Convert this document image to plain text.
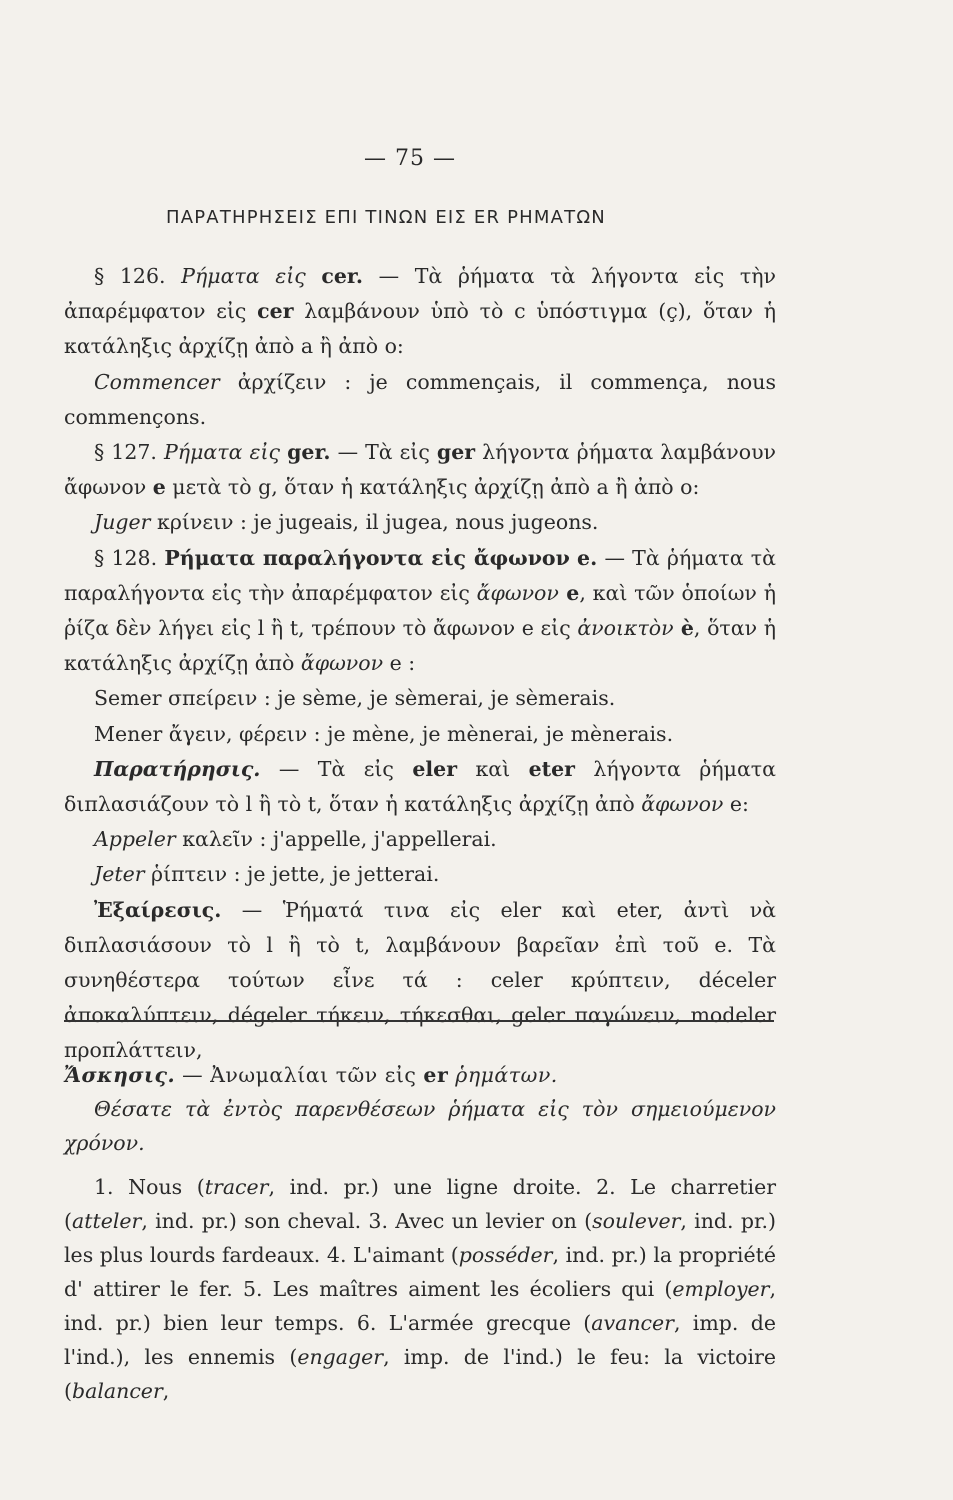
— 75 —
ΠΑΡΑΤΗΡΗΣΕΙΣ ΕΠΙ ΤΙΝΩΝ ΕΙΣ ER ΡΗΜΑΤΩΝ

§ 126. Ρήματα εἰς cer. — Τὰ ῥήματα τὰ λήγοντα εἰς τὴν ἀπαρέμφατον εἰς cer λαμβάνουν ὑπὸ τὸ c ὑπόστιγμα (ç), ὅταν ἡ κατάληξις ἀρχίζῃ ἀπὸ a ἢ ἀπὸ o:

Commencer ἀρχίζειν : je commençais, il commença, nous commençons.

§ 127. Ρήματα εἰς ger. — Τὰ εἰς ger λήγοντα ῥήματα λαμβάνουν ἄφωνον e μετὰ τὸ g, ὅταν ἡ κατάληξις ἀρχίζῃ ἀπὸ a ἢ ἀπὸ o:

Juger κρίνειν : je jugeais, il jugea, nous jugeons.

§ 128. Ρήματα παραλήγοντα εἰς ἄφωνον e. — Τὰ ῥήματα τὰ παραλήγοντα εἰς τὴν ἀπαρέμφατον εἰς ἄφωνον e, καὶ τῶν ὁποίων ἡ ῥίζα δὲν λήγει εἰς l ἢ t, τρέπουν τὸ ἄφωνον e εἰς ἀνοικτὸν è, ὅταν ἡ κατάληξις ἀρχίζῃ ἀπὸ ἄφωνον e :

Semer σπείρειν : je sème, je sèmerai, je sèmerais.

Mener ἄγειν, φέρειν : je mène, je mènerai, je mènerais.

Παρατήρησις. — Τὰ εἰς eler καὶ eter λήγοντα ῥήματα διπλασιάζουν τὸ l ἢ τὸ t, ὅταν ἡ κατάληξις ἀρχίζῃ ἀπὸ ἄφωνον e:

Appeler καλεῖν : j'appelle, j'appellerai.

Jeter ῥίπτειν : je jette, je jetterai.

Ἐξαίρεσις. — Ῥήματά τινα εἰς eler καὶ eter, ἀντὶ νὰ διπλασιάσουν τὸ l ἢ τὸ t, λαμβάνουν βαρεῖαν ἐπὶ τοῦ e. Τὰ συνηθέστερα τούτων εἶνε τά : celer κρύπτειν, déceler ἀποκαλύπτειν, dégeler τήκειν, τήκεσθαι, geler παγώνειν, modeler προπλάττειν,

Ἄσκησις. — Ἀνωμαλίαι τῶν εἰς er ῥημάτων.

Θέσατε τὰ ἐντὸς παρενθέσεων ῥήματα εἰς τὸν σημειούμενον χρόνον.

1. Nous (tracer, ind. pr.) une ligne droite. 2. Le charretier (atteler, ind. pr.) son cheval. 3. Avec un levier on (soulever, ind. pr.) les plus lourds fardeaux. 4. L'aimant (posséder, ind. pr.) la propriété d' attirer le fer. 5. Les maîtres aiment les écoliers qui (employer, ind. pr.) bien leur temps. 6. L'armée grecque (avancer, imp. de l'ind.), les ennemis (engager, imp. de l'ind.) le feu: la victoire (balancer,
